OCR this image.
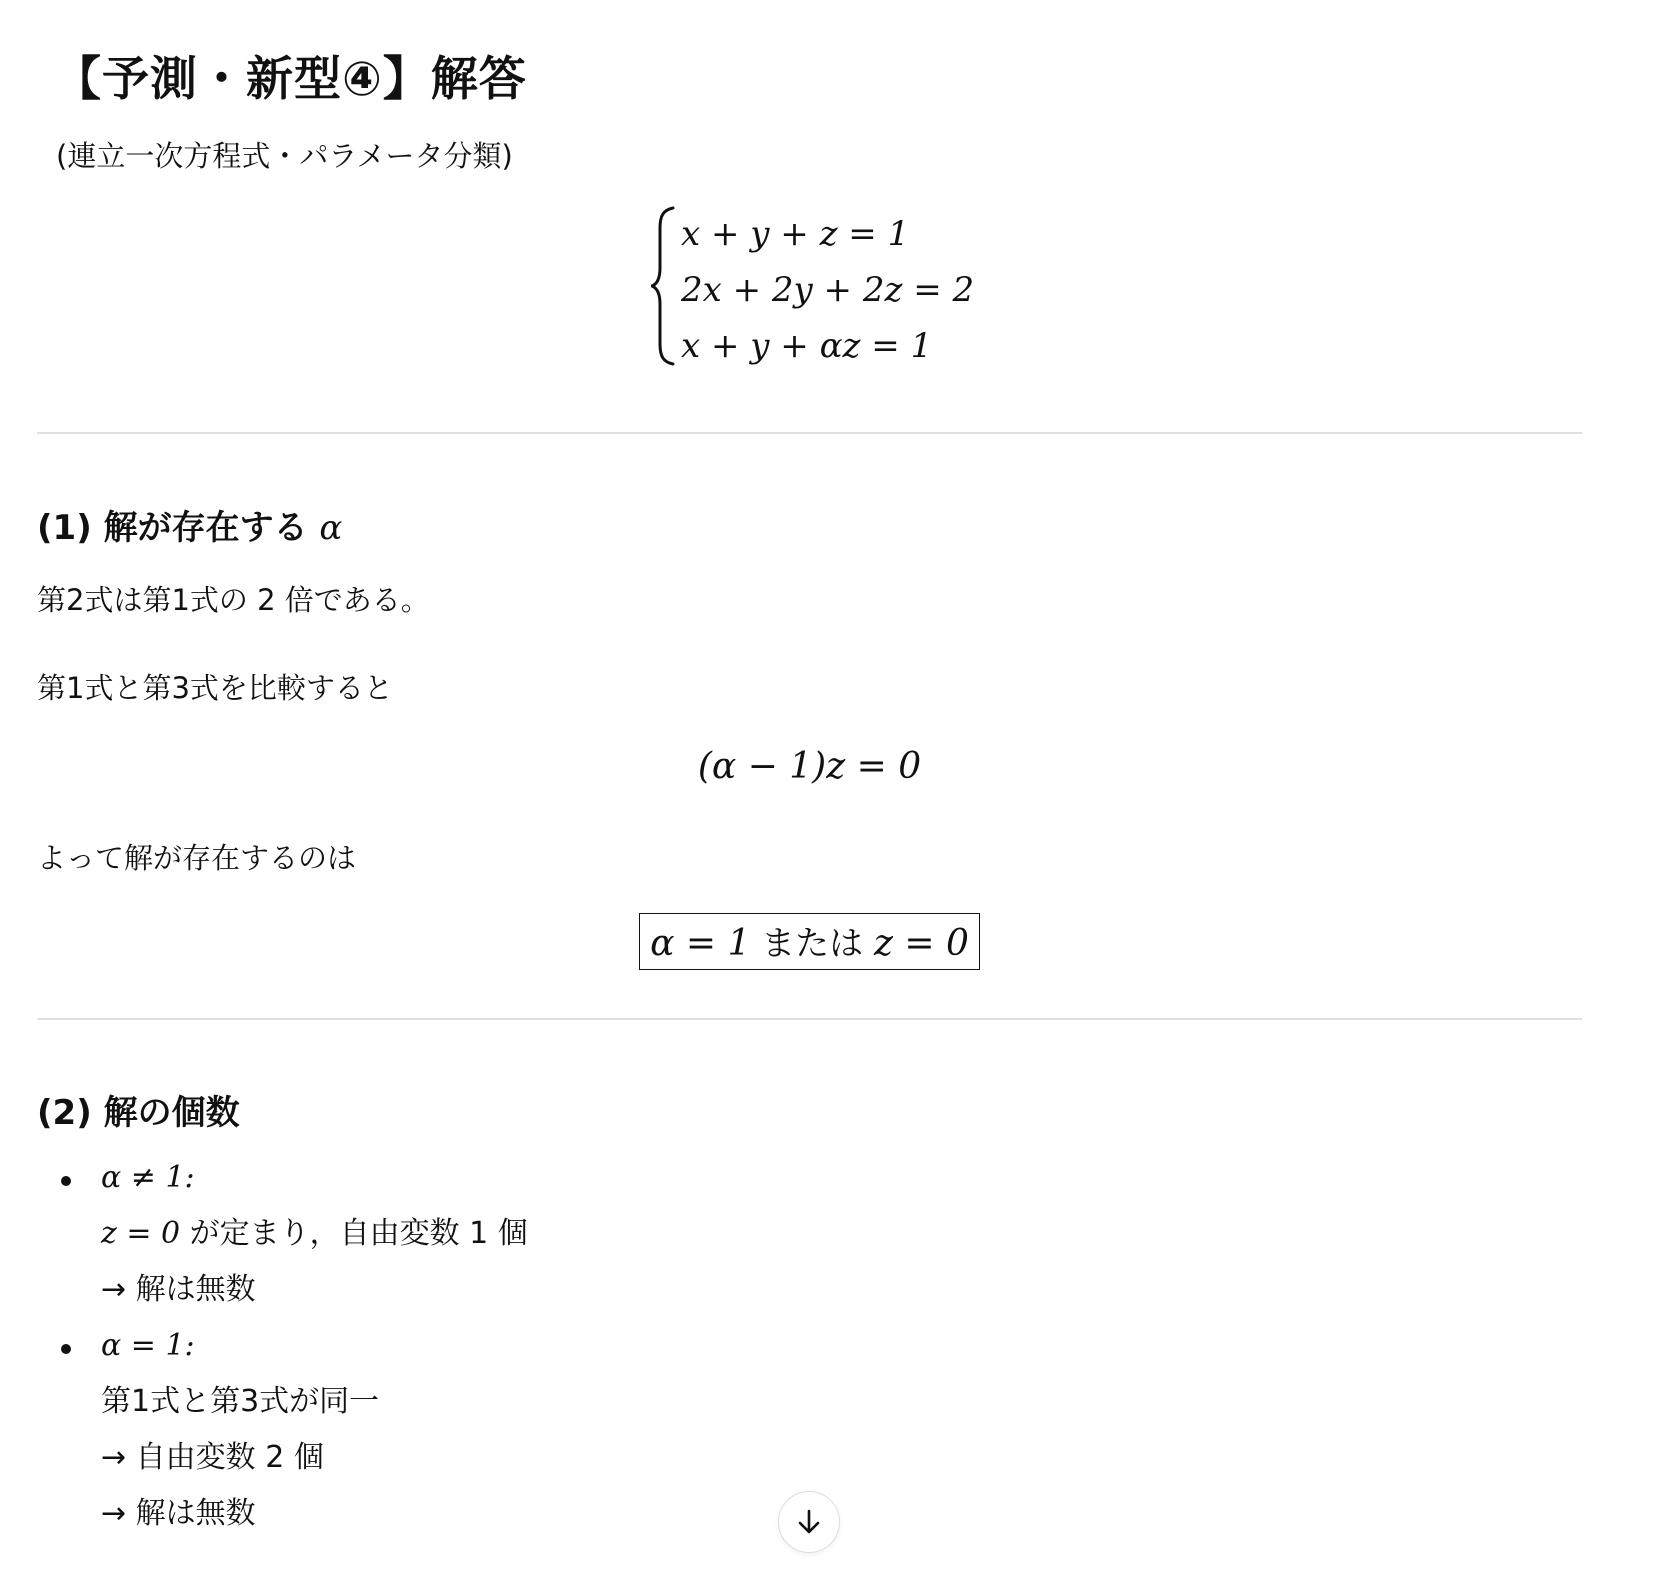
【予測・新型④】解答

(連立一次方程式・パラメータ分類)

x + y + z = 1
2x + 2y + 2z = 2
x + y + αz = 1
(1) 解が存在する α

第2式は第1式の 2 倍である。

第1式と第3式を比較すると

(α − 1)z = 0

よって解が存在するのは

α = 1 または z = 0
(2) 解の個数
α ≠ 1:
z = 0 が定まり，自由変数 1 個
→ 解は無数
α = 1:
第1式と第3式が同一
→ 自由変数 2 個
→ 解は無数
